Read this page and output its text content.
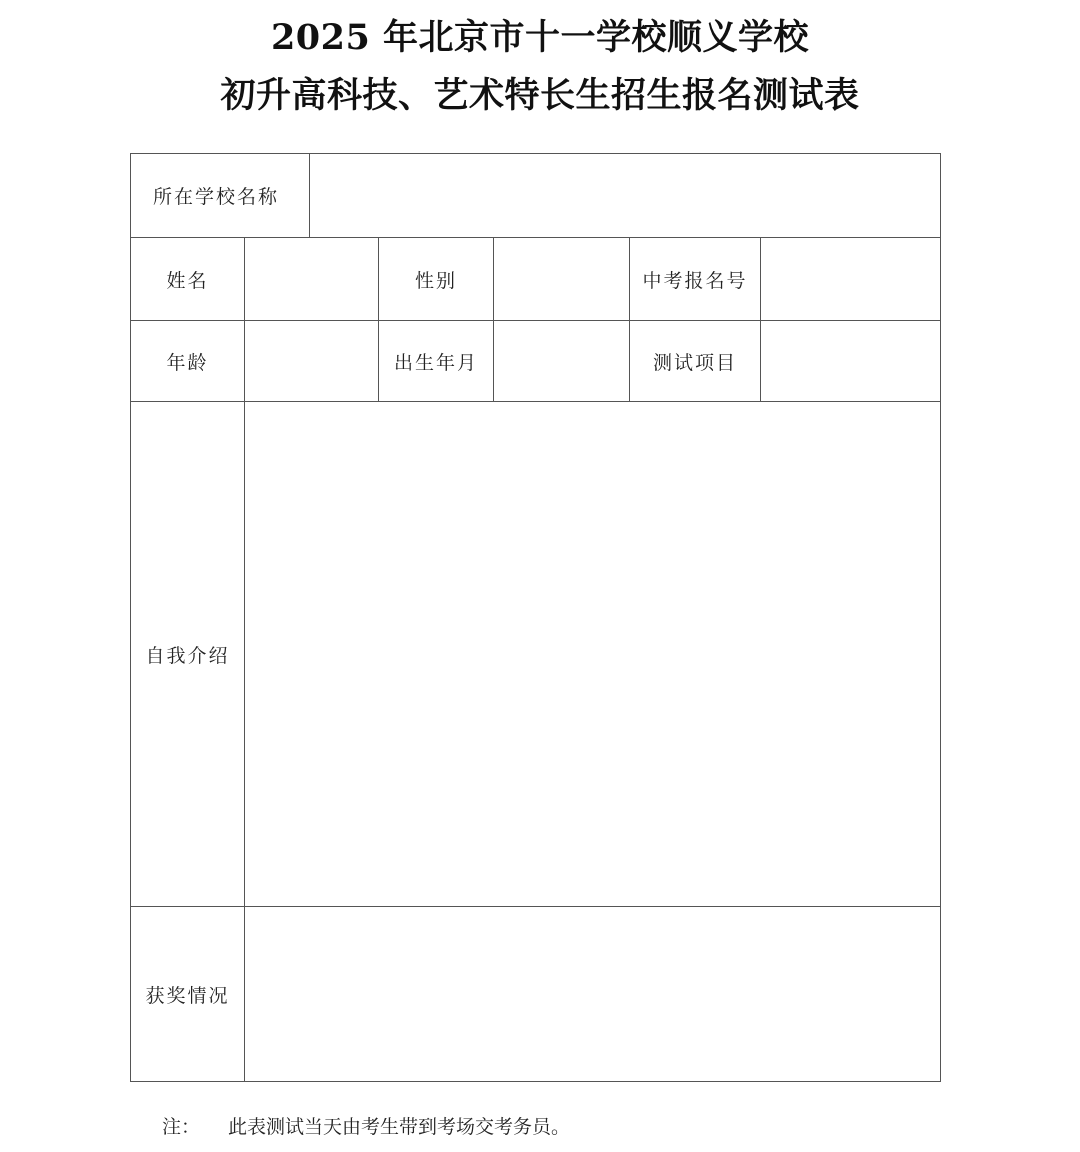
2025 年北京市十一学校顺义学校
初升高科技、艺术特长生招生报名测试表
所在学校名称
姓名	性别	中考报名号
年龄	出生年月	测试项目
自我介绍
获奖情况
注： 此表测试当天由考生带到考场交考务员。
